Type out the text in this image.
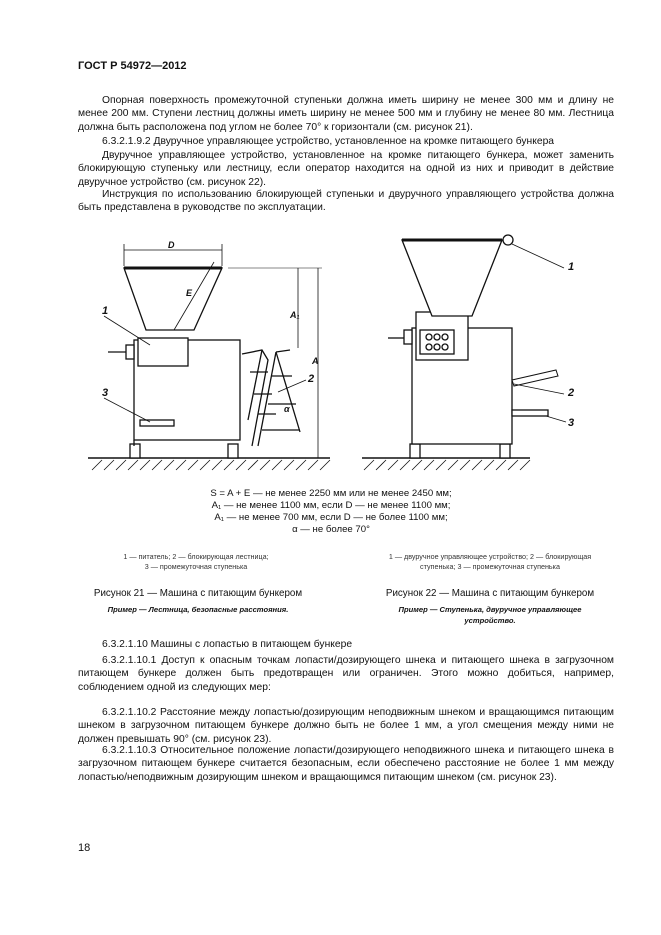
ГОСТ Р 54972—2012
Опорная поверхность промежуточной ступеньки должна иметь ширину не менее 300 мм и длину не менее 200 мм. Ступени лестниц должны иметь ширину не менее 500 мм и глубину не менее 80 мм. Лестница должна быть расположена под углом не более 70° к горизонтали (см. рисунок 21).
6.3.2.1.9.2 Двуручное управляющее устройство, установленное на кромке питающего бункера
Двуручное управляющее устройство, установленное на кромке питающего бункера, может заменить блокирующую ступеньку или лестницу, если оператор находится на одной из них и приводит в действие двуручное устройство (см. рисунок 22).
Инструкция по использованию блокирующей ступеньки и двуручного управляющего устройства должна быть представлена в руководстве по эксплуатации.
D
E
A₁
A
α
1
2
3
1
2
3
S = A + E — не менее 2250 мм или не менее 2450 мм;
A₁ — не менее 1100 мм, если D — не менее 1100 мм;
A₁ — не менее 700 мм, если D — не более 1100 мм;
α — не более 70°
1 — питатель; 2 — блокирующая лестница;
3 — промежуточная ступенька
1 — двуручное управляющее устройство; 2 — блокирующая
ступенька; 3 — промежуточная ступенька
Рисунок 21 — Машина с питающим бункером	Рисунок 22 — Машина с питающим бункером
Пример — Лестница, безопасные расстояния.	Пример — Ступенька, двуручное управляющее
устройство.
6.3.2.1.10 Машины с лопастью в питающем бункере
6.3.2.1.10.1 Доступ к опасным точкам лопасти/дозирующего шнека и питающего шнека в загрузочном питающем бункере должен быть предотвращен или ограничен. Этого можно добиться, например, соблюдением одной из следующих мер:
6.3.2.1.10.2 Расстояние между лопастью/дозирующим неподвижным шнеком и вращающимся питающим шнеком в загрузочном питающем бункере должно быть не более 1 мм, а угол смещения между ними не должен превышать 90° (см. рисунок 23).
6.3.2.1.10.3 Относительное положение лопасти/дозирующего неподвижного шнека и питающего шнека в загрузочном питающем бункере считается безопасным, если обеспечено расстояние не более 1 мм между лопастью/неподвижным дозирующим шнеком и вращающимся питающим шнеком (см. рисунок 23).
18
